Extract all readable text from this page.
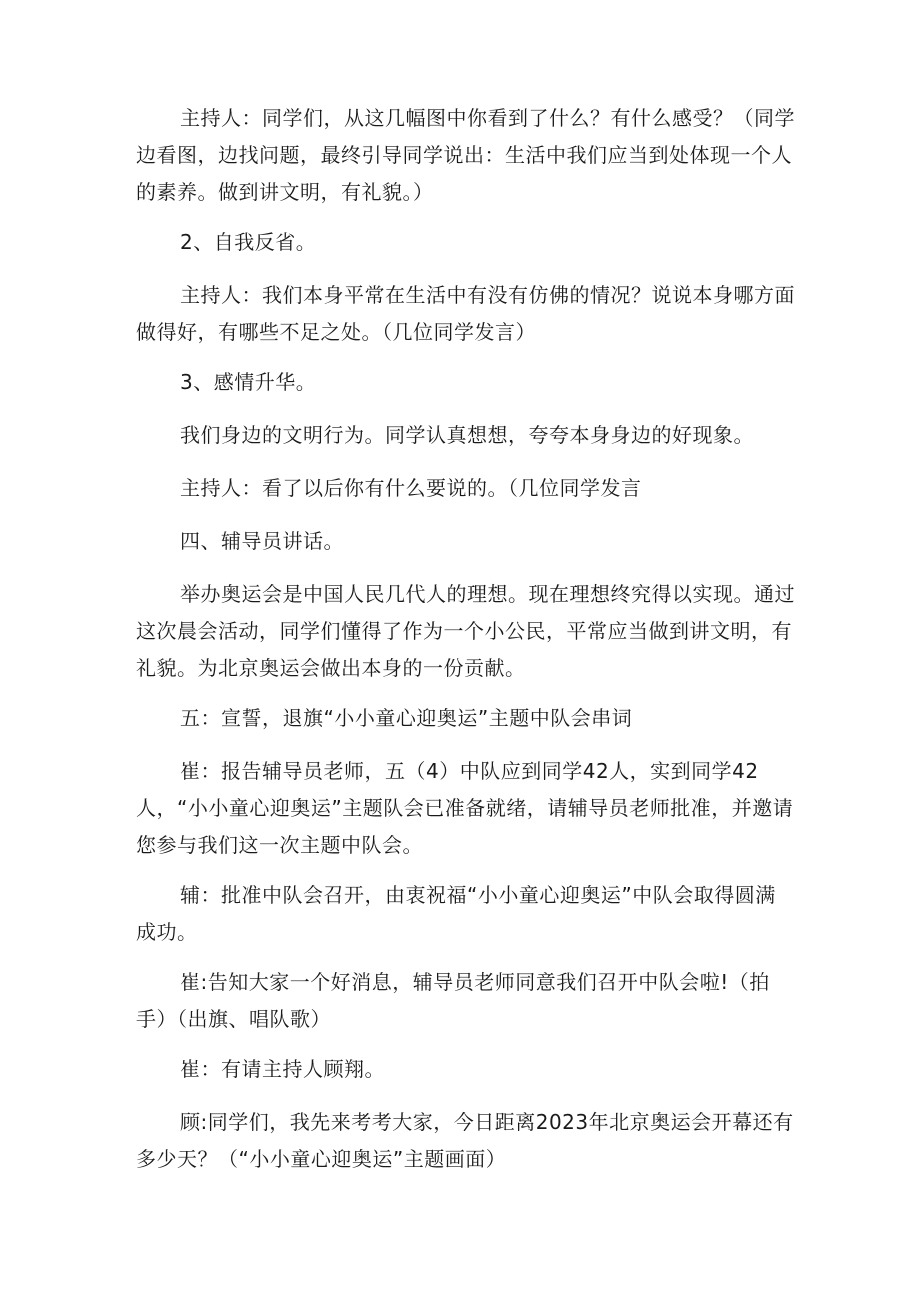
主持人：同学们，从这几幅图中你看到了什么？有什么感受？（同学边看图，边找问题，最终引导同学说出：生活中我们应当到处体现一个人的素养。做到讲文明，有礼貌。）

2、自我反省。

主持人：我们本身平常在生活中有没有仿佛的情况？说说本身哪方面做得好，有哪些不足之处。（几位同学发言）

3、感情升华。

我们身边的文明行为。同学认真想想，夸夸本身身边的好现象。

主持人：看了以后你有什么要说的。（几位同学发言

四、辅导员讲话。

举办奥运会是中国人民几代人的理想。现在理想终究得以实现。通过这次晨会活动，同学们懂得了作为一个小公民，平常应当做到讲文明，有礼貌。为北京奥运会做出本身的一份贡献。

五：宣誓，退旗“小小童心迎奥运”主题中队会串词

崔：报告辅导员老师，五（4）中队应到同学42人，实到同学42人，“小小童心迎奥运”主题队会已准备就绪，请辅导员老师批准，并邀请您参与我们这一次主题中队会。

辅：批准中队会召开，由衷祝福“小小童心迎奥运”中队会取得圆满成功。

崔:告知大家一个好消息，辅导员老师同意我们召开中队会啦!（拍手）（出旗、唱队歌）

崔：有请主持人顾翔。

顾:同学们，我先来考考大家，今日距离2023年北京奥运会开幕还有多少天？（“小小童心迎奥运”主题画面）
